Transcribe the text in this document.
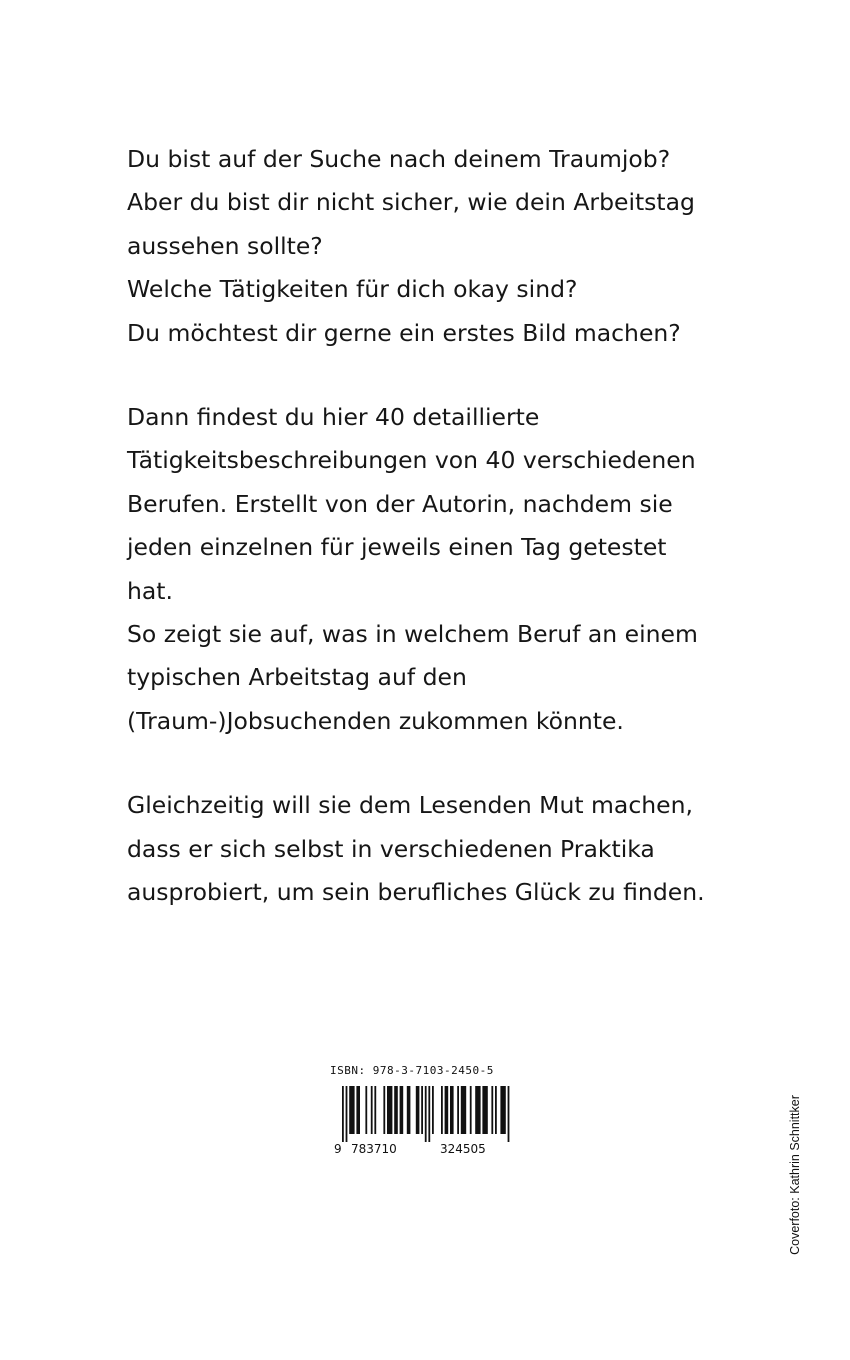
Du bist auf der Suche nach deinem Traumjob?
Aber du bist dir nicht sicher, wie dein Arbeitstag
aussehen sollte?
Welche Tätigkeiten für dich okay sind?
Du möchtest dir gerne ein erstes Bild machen?

Dann findest du hier 40 detaillierte
Tätigkeitsbeschreibungen von 40 verschiedenen
Berufen. Erstellt von der Autorin, nachdem sie
jeden einzelnen für jeweils einen Tag getestet
hat.
So zeigt sie auf, was in welchem Beruf an einem
typischen Arbeitstag auf den
(Traum-)Jobsuchenden zukommen könnte.

Gleichzeitig will sie dem Lesenden Mut machen,
dass er sich selbst in verschiedenen Praktika
ausprobiert, um sein berufliches Glück zu finden.

ISBN: 978-3-7103-2450-5
9 783710	324505	Coverfoto: Kathrin Schnittker
